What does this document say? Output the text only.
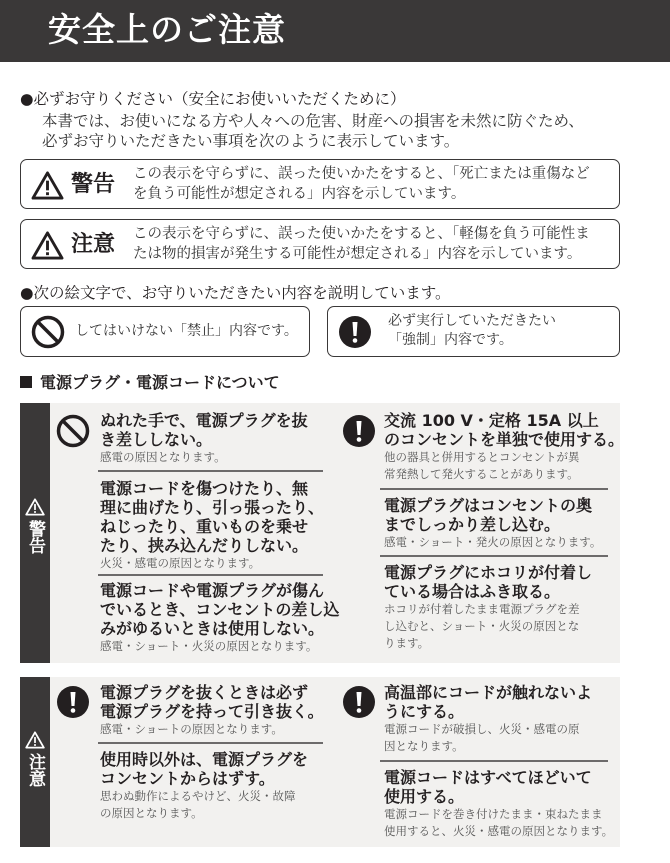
安全上のご注意
●必ずお守りください（安全にお使いいただくために）
本書では、お使いになる方や人々への危害、財産への損害を未然に防ぐため、
必ずお守りいただきたい事項を次のように表示しています。
警告 この表示を守らずに、誤った使いかたをすると、「死亡または重傷など
を負う可能性が想定される」内容を示しています。
注意 この表示を守らずに、誤った使いかたをすると、「軽傷を負う可能性ま
たは物的損害が発生する可能性が想定される」内容を示しています。
●次の絵文字で、お守りいただきたい内容を説明しています。
してはいけない「禁止」内容です。
必ず実行していただきたい
「強制」内容です。
電源プラグ・電源コードについて
警告
ぬれた手で、電源プラグを抜
き差ししない。
感電の原因となります。
電源コードを傷つけたり、無
理に曲げたり、引っ張ったり、
ねじったり、重いものを乗せ
たり、挟み込んだりしない。
火災・感電の原因となります。
電源コードや電源プラグが傷ん
でいるとき、コンセントの差し込
みがゆるいときは使用しない。
感電・ショート・火災の原因となります。
交流 100 V・定格 15A 以上
のコンセントを単独で使用する。
他の器具と併用するとコンセントが異
常発熱して発火することがあります。
電源プラグはコンセントの奥
までしっかり差し込む。
感電・ショート・発火の原因となります。
電源プラグにホコリが付着し
ている場合はふき取る。
ホコリが付着したまま電源プラグを差
し込むと、ショート・火災の原因とな
ります。
注意
電源プラグを抜くときは必ず
電源プラグを持って引き抜く。
感電・ショートの原因となります。
使用時以外は、電源プラグを
コンセントからはずす。
思わぬ動作によるやけど、火災・故障
の原因となります。
高温部にコードが触れないよ
うにする。
電源コードが破損し、火災・感電の原
因となります。
電源コードはすべてほどいて
使用する。
電源コードを巻き付けたまま・束ねたまま
使用すると、火災・感電の原因となります。
